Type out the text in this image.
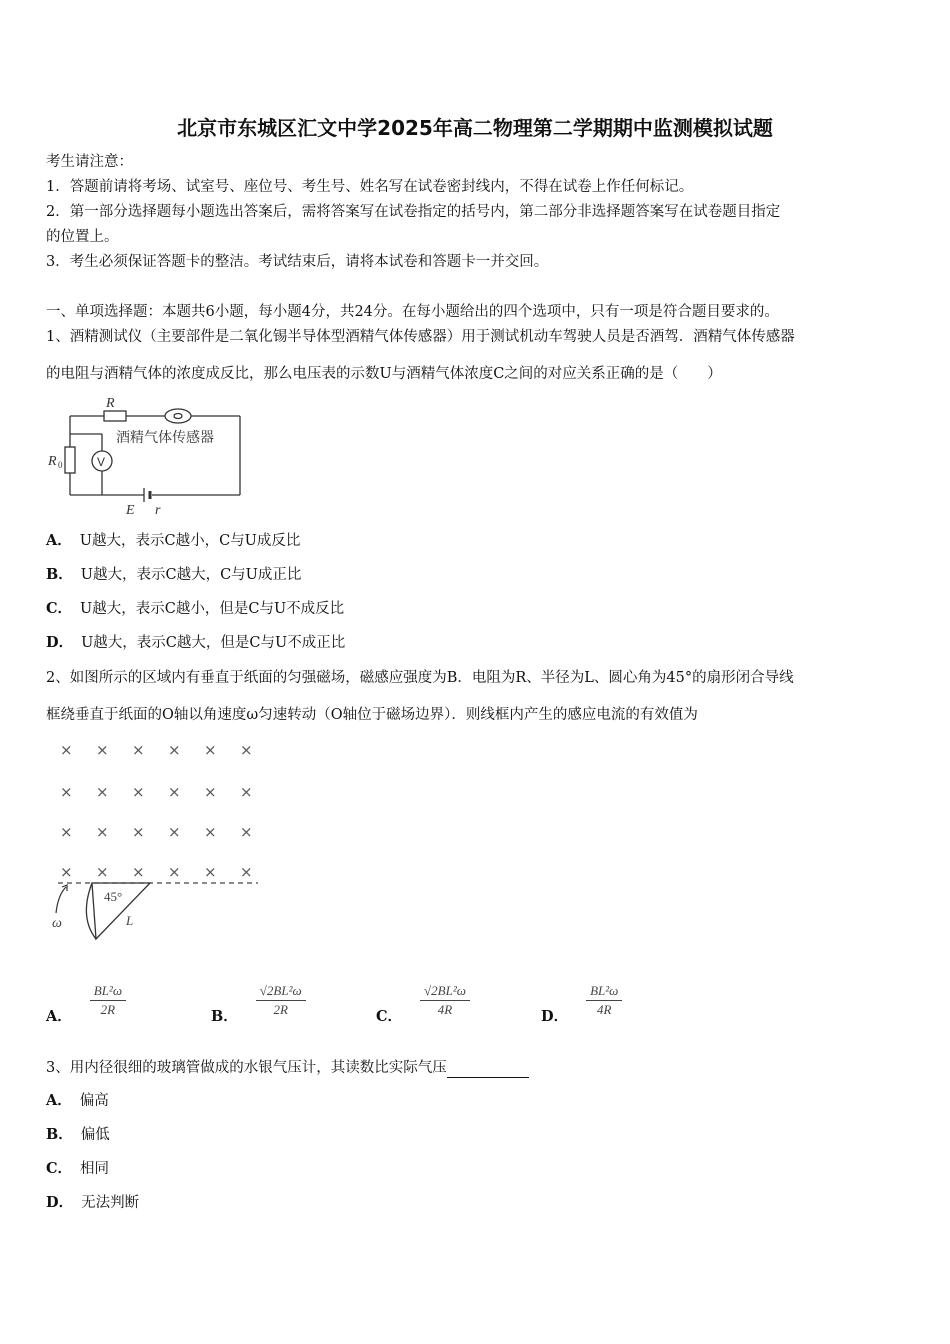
北京市东城区汇文中学2025年高二物理第二学期期中监测模拟试题
考生请注意：
1．答题前请将考场、试室号、座位号、考生号、姓名写在试卷密封线内，不得在试卷上作任何标记。
2．第一部分选择题每小题选出答案后，需将答案写在试卷指定的括号内，第二部分非选择题答案写在试卷题目指定
的位置上。
3．考生必须保证答题卡的整洁。考试结束后，请将本试卷和答题卡一并交回。
一、单项选择题：本题共6小题，每小题4分，共24分。在每小题给出的四个选项中，只有一项是符合题目要求的。
1、酒精测试仪（主要部件是二氧化锡半导体型酒精气体传感器）用于测试机动车驾驶人员是否酒驾．酒精气体传感器
的电阻与酒精气体的浓度成反比，那么电压表的示数U与酒精气体浓度C之间的对应关系正确的是（　　）
R
R 0	V
酒精气体传感器
E r
A． U越大，表示C越小，C与U成反比
B． U越大，表示C越大，C与U成正比
C． U越大，表示C越小，但是C与U不成反比
D． U越大，表示C越大，但是C与U不成正比
2、如图所示的区域内有垂直于纸面的匀强磁场，磁感应强度为B．电阻为R、半径为L、圆心角为45°的扇形闭合导线
框绕垂直于纸面的O轴以角速度ω匀速转动（O轴位于磁场边界）．则线框内产生的感应电流的有效值为
× × × × × ×
× × × × × ×
× × × × × ×
× × × × × ×
45°
L
ω
A． $\frac{\text{BL²ω}}{2R}$	B． $\frac{\text{√2BL²ω}}{2R}$	C． $\frac{\text{√2BL²ω}}{4R}$	D． $\frac{\text{BL²ω}}{4R}$
3、用内径很细的玻璃管做成的水银气压计，其读数比实际气压
A． 偏高
B． 偏低
C． 相同
D． 无法判断
